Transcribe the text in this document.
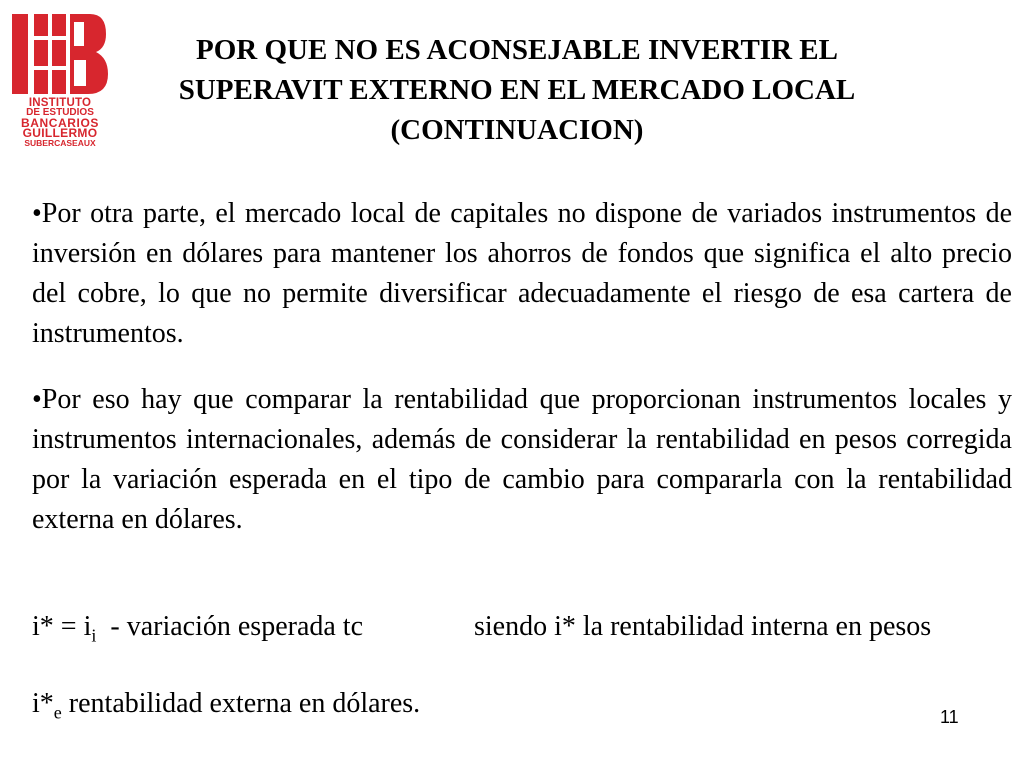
INSTITUTO
DE ESTUDIOS
BANCARIOS
GUILLERMO
SUBERCASEAUX
POR QUE NO ES ACONSEJABLE INVERTIR EL
SUPERAVIT EXTERNO EN EL MERCADO LOCAL
(CONTINUACION)
•Por otra parte, el mercado local de capitales no dispone de variados instrumentos de inversión en dólares para mantener los ahorros de fondos que significa el alto precio del cobre, lo que no permite diversificar adecuadamente el riesgo de esa cartera de instrumentos.
•Por eso hay que comparar la rentabilidad que proporcionan instrumentos locales y instrumentos internacionales, además de considerar la rentabilidad en pesos corregida por la variación esperada en el tipo de cambio para compararla con la rentabilidad externa en dólares.
$i* = i_i$  - variación esperada tc	siendo i* la rentabilidad interna en pesos
$i*_e$ rentabilidad externa en dólares.	11
